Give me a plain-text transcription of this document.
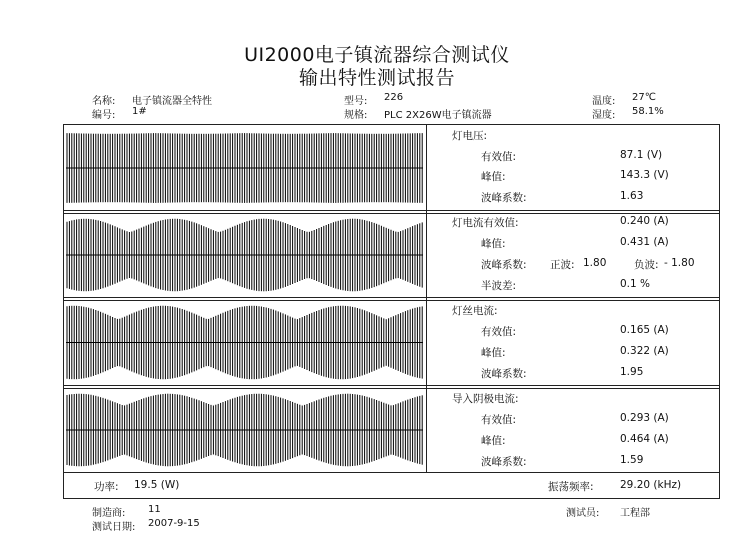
UI2000电子镇流器综合测试仪
输出特性测试报告
名称: 电子镇流器全特性
编号: 1#
型号: 226
规格: PLC 2X26W电子镇流器
温度: 27℃
湿度: 58.1%
灯电压:
有效值:	87.1 (V)
峰值:	143.3 (V)
波峰系数:	1.63
灯电流有效值:	0.240 (A)
峰值:	0.431 (A)
波峰系数: 正波: 1.80	负波: - 1.80
半波差:	0.1 %
灯丝电流:
有效值:	0.165 (A)
峰值:	0.322 (A)
波峰系数:	1.95
导入阴极电流:
有效值:	0.293 (A)
峰值:	0.464 (A)
波峰系数:	1.59
功率: 19.5 (W)	振荡频率:	29.20 (kHz)
制造商: 11
测试日期: 2007-9-15
测试员: 工程部
